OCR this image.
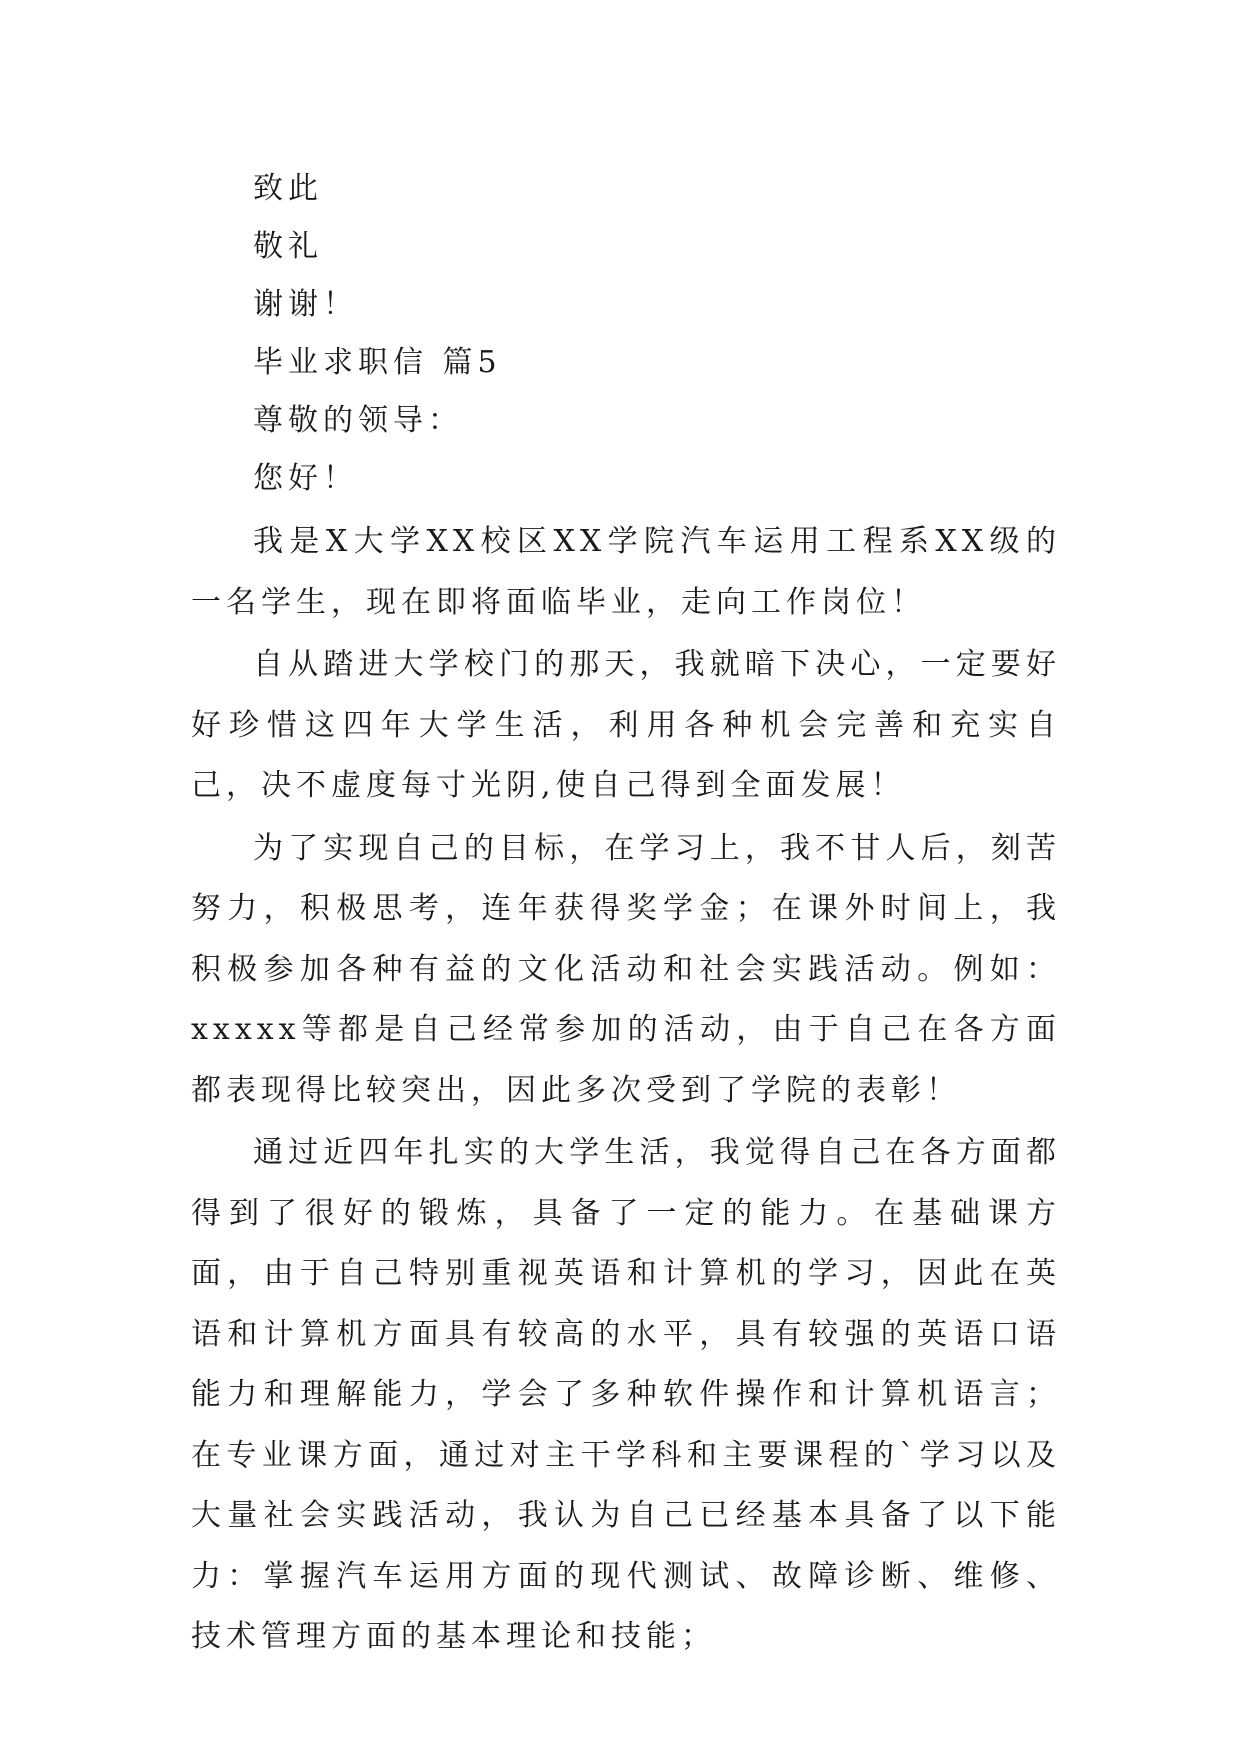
致此

敬礼

谢谢！

毕业求职信 篇5

尊敬的领导：

您好！

我是X大学XX校区XX学院汽车运用工程系XX级的一名学生，现在即将面临毕业，走向工作岗位！

自从踏进大学校门的那天，我就暗下决心，一定要好好珍惜这四年大学生活，利用各种机会完善和充实自己，决不虚度每寸光阴,使自己得到全面发展！

为了实现自己的目标，在学习上，我不甘人后，刻苦努力，积极思考，连年获得奖学金；在课外时间上，我积极参加各种有益的文化活动和社会实践活动。例如：xxxxx等都是自己经常参加的活动，由于自己在各方面都表现得比较突出，因此多次受到了学院的表彰！

通过近四年扎实的大学生活，我觉得自己在各方面都得到了很好的锻炼，具备了一定的能力。在基础课方面，由于自己特别重视英语和计算机的学习，因此在英语和计算机方面具有较高的水平，具有较强的英语口语能力和理解能力，学会了多种软件操作和计算机语言；在专业课方面，通过对主干学科和主要课程的`学习以及大量社会实践活动，我认为自己已经基本具备了以下能力：掌握汽车运用方面的现代测试、故障诊断、维修、技术管理方面的基本理论和技能；
